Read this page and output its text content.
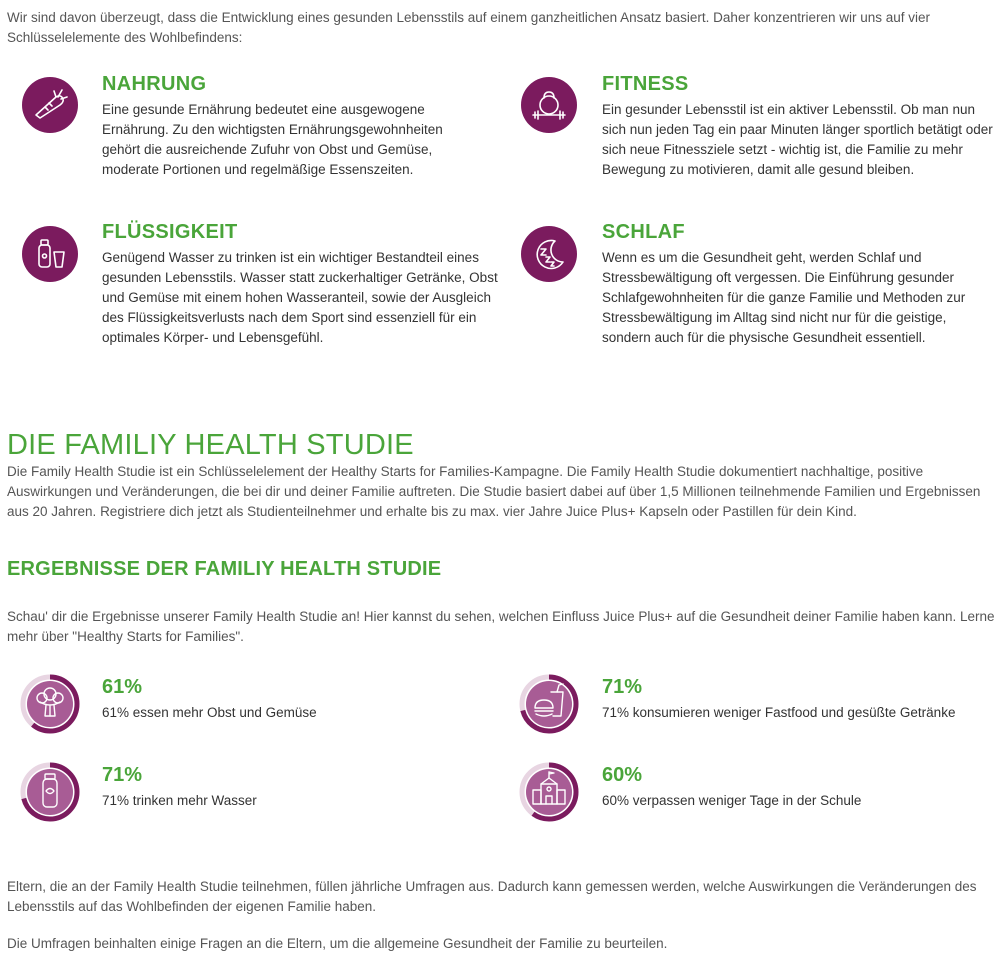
Wir sind davon überzeugt, dass die Entwicklung eines gesunden Lebensstils auf einem ganzheitlichen Ansatz basiert. Daher konzentrieren wir uns auf vier Schlüsselelemente des Wohlbefindens:

NAHRUNG

Eine gesunde Ernährung bedeutet eine ausgewogene Ernährung. Zu den wichtigsten Ernährungsgewohnheiten gehört die ausreichende Zufuhr von Obst und Gemüse, moderate Portionen und regelmäßige Essenszeiten.

FITNESS

Ein gesunder Lebensstil ist ein aktiver Lebensstil. Ob man nun sich nun jeden Tag ein paar Minuten länger sportlich betätigt oder sich neue Fitnessziele setzt - wichtig ist, die Familie zu mehr Bewegung zu motivieren, damit alle gesund bleiben.

FLÜSSIGKEIT

Genügend Wasser zu trinken ist ein wichtiger Bestandteil eines gesunden Lebensstils. Wasser statt zuckerhaltiger Getränke, Obst und Gemüse mit einem hohen Wasseranteil, sowie der Ausgleich des Flüssigkeitsverlusts nach dem Sport sind essenziell für ein optimales Körper- und Lebensgefühl.

SCHLAF

Wenn es um die Gesundheit geht, werden Schlaf und Stressbewältigung oft vergessen. Die Einführung gesunder Schlafgewohnheiten für die ganze Familie und Methoden zur Stressbewältigung im Alltag sind nicht nur für die geistige, sondern auch für die physische Gesundheit essentiell.

DIE FAMILIY HEALTH STUDIE

Die Family Health Studie ist ein Schlüsselelement der Healthy Starts for Families-Kampagne. Die Family Health Studie dokumentiert nachhaltige, positive Auswirkungen und Veränderungen, die bei dir und deiner Familie auftreten. Die Studie basiert dabei auf über 1,5 Millionen teilnehmende Familien und Ergebnissen aus 20 Jahren. Registriere dich jetzt als Studienteilnehmer und erhalte bis zu max. vier Jahre Juice Plus+ Kapseln oder Pastillen für dein Kind.

ERGEBNISSE DER FAMILIY HEALTH STUDIE

Schau' dir die Ergebnisse unserer Family Health Studie an! Hier kannst du sehen, welchen Einfluss Juice Plus+ auf die Gesundheit deiner Familie haben kann. Lerne mehr über "Healthy Starts for Families".

61%
61% essen mehr Obst und Gemüse
71%
71% konsumieren weniger Fastfood und gesüßte Getränke
71%
71% trinken mehr Wasser
60%
60% verpassen weniger Tage in der Schule

Eltern, die an der Family Health Studie teilnehmen, füllen jährliche Umfragen aus. Dadurch kann gemessen werden, welche Auswirkungen die Veränderungen des Lebensstils auf das Wohlbefinden der eigenen Familie haben.

Die Umfragen beinhalten einige Fragen an die Eltern, um die allgemeine Gesundheit der Familie zu beurteilen.
